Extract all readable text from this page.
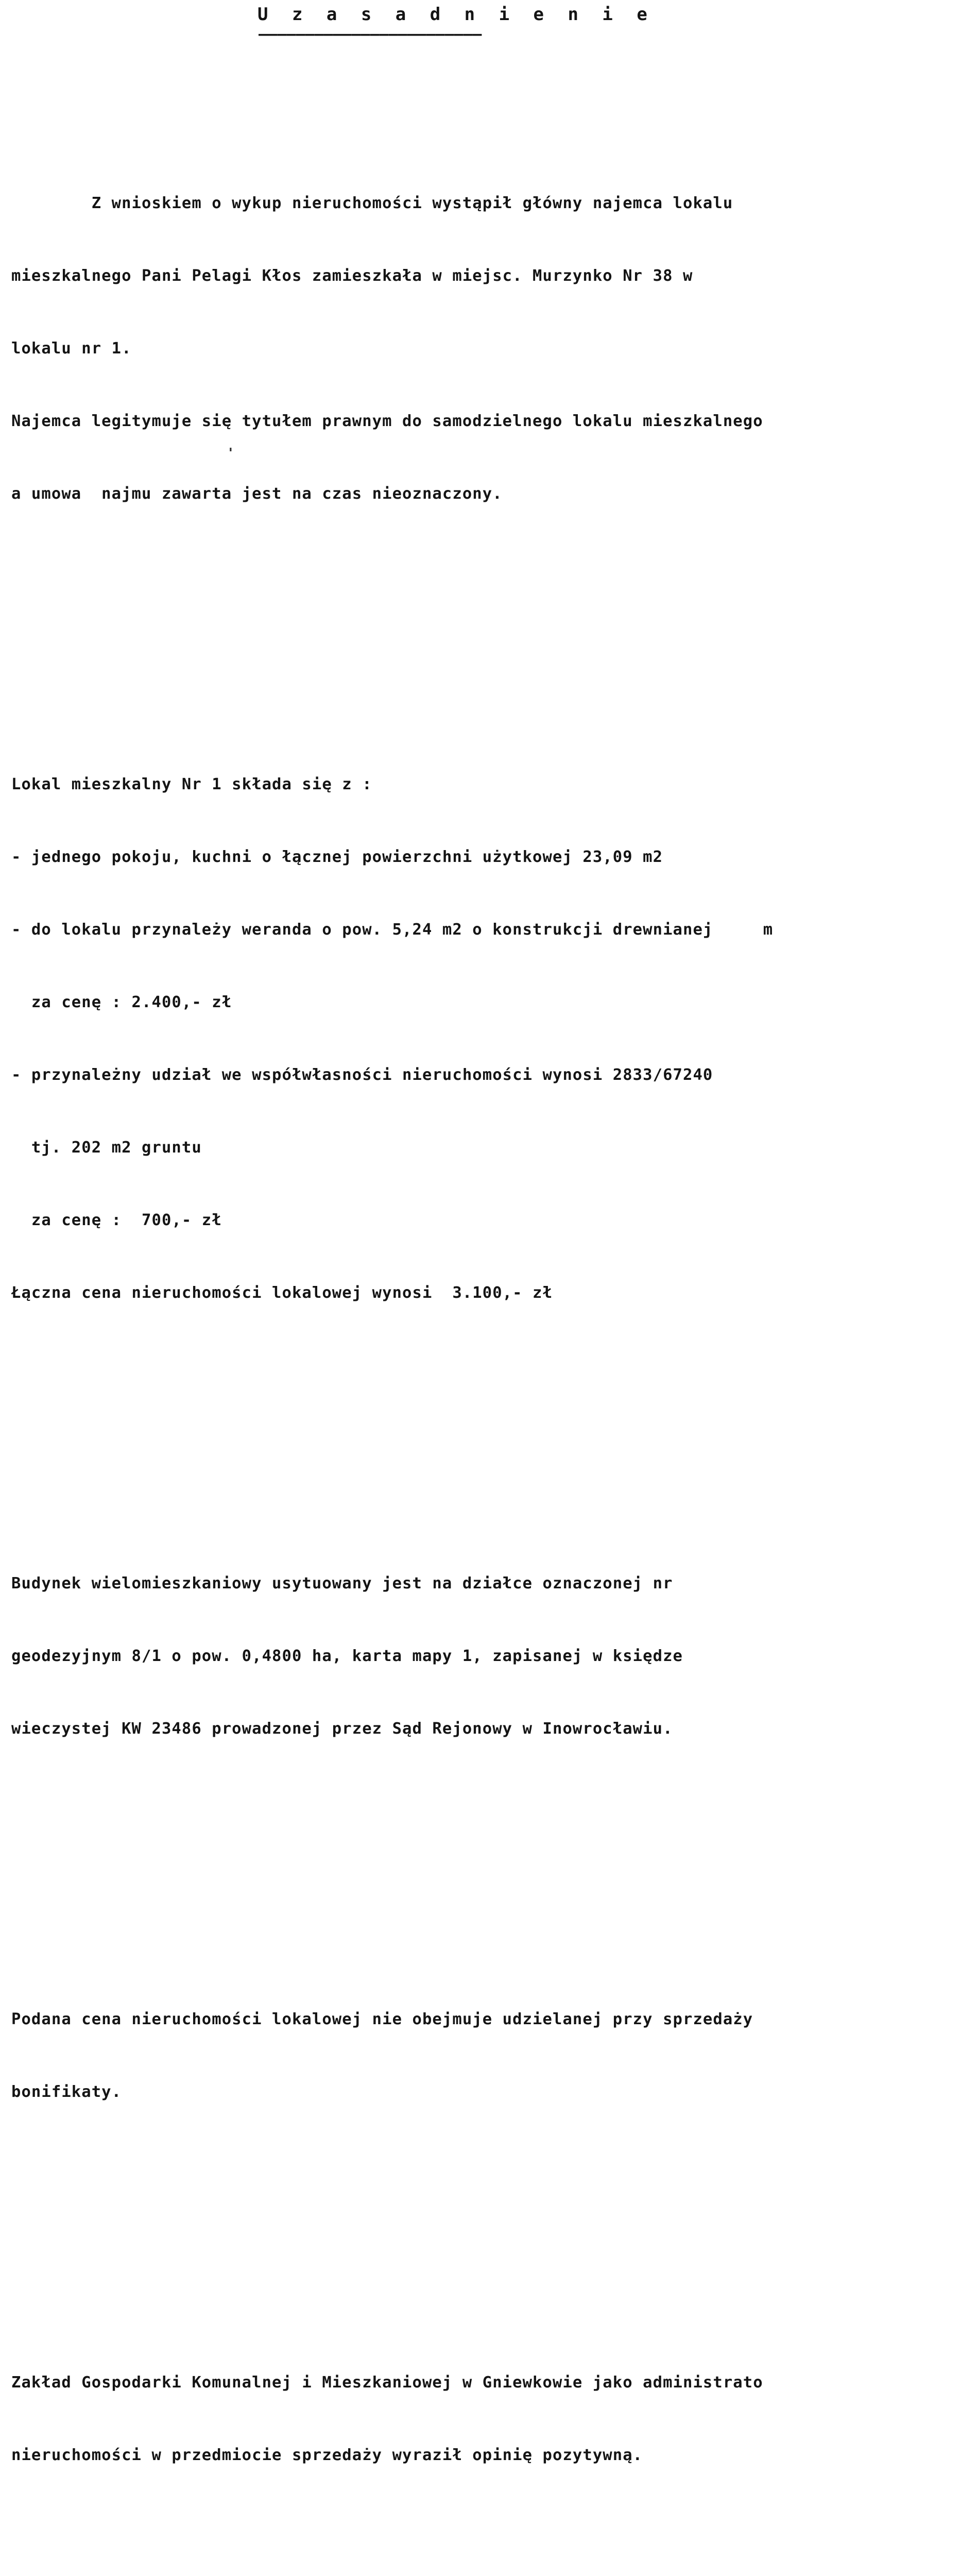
U z a s a d n i e n i e
————————————————————————

Z wnioskiem o wykup nieruchomości wystąpił główny najemca lokalu

mieszkalnego Pani Pelagi Kłos zamieszkała w miejsc. Murzynko Nr 38 w

lokalu nr 1.

Najemca legitymuje się tytułem prawnym do samodzielnego lokalu mieszkalnego

a umowa  najmu zawarta jest na czas nieoznaczony.

Lokal mieszkalny Nr 1 składa się z :

- jednego pokoju, kuchni o łącznej powierzchni użytkowej 23,09 m2

- do lokalu przynależy weranda o pow. 5,24 m2 o konstrukcji drewnianej     m

za cenę : 2.400,- zł

- przynależny udział we współwłasności nieruchomości wynosi 2833/67240

tj. 202 m2 gruntu

za cenę :  700,- zł

Łączna cena nieruchomości lokalowej wynosi  3.100,- zł

Budynek wielomieszkaniowy usytuowany jest na działce oznaczonej nr

geodezyjnym 8/1 o pow. 0,4800 ha, karta mapy 1, zapisanej w księdze

wieczystej KW 23486 prowadzonej przez Sąd Rejonowy w Inowrocławiu.

Podana cena nieruchomości lokalowej nie obejmuje udzielanej przy sprzedaży

bonifikaty.

Zakład Gospodarki Komunalnej i Mieszkaniowej w Gniewkowie jako administrato

nieruchomości w przedmiocie sprzedaży wyraził opinię pozytywną.

'
